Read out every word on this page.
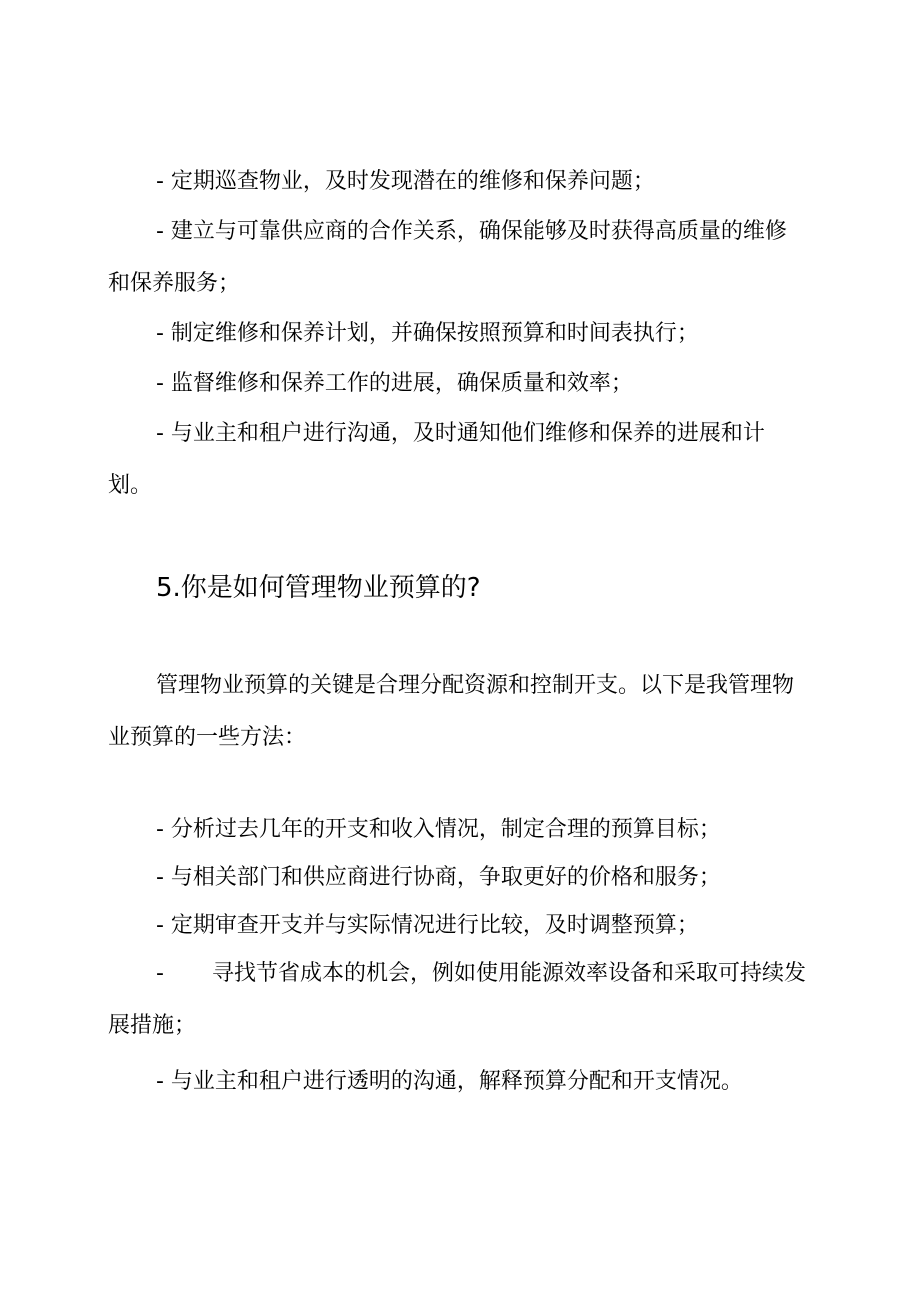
- 定期巡查物业，及时发现潜在的维修和保养问题；
- 建立与可靠供应商的合作关系，确保能够及时获得高质量的维修和保养服务；
- 制定维修和保养计划，并确保按照预算和时间表执行；
- 监督维修和保养工作的进展，确保质量和效率；
- 与业主和租户进行沟通，及时通知他们维修和保养的进展和计划。
5.你是如何管理物业预算的?
管理物业预算的关键是合理分配资源和控制开支。以下是我管理物业预算的一些方法：
- 分析过去几年的开支和收入情况，制定合理的预算目标；
- 与相关部门和供应商进行协商，争取更好的价格和服务；
- 定期审查开支并与实际情况进行比较，及时调整预算；
- 寻找节省成本的机会，例如使用能源效率设备和采取可持续发展措施；
- 与业主和租户进行透明的沟通，解释预算分配和开支情况。
